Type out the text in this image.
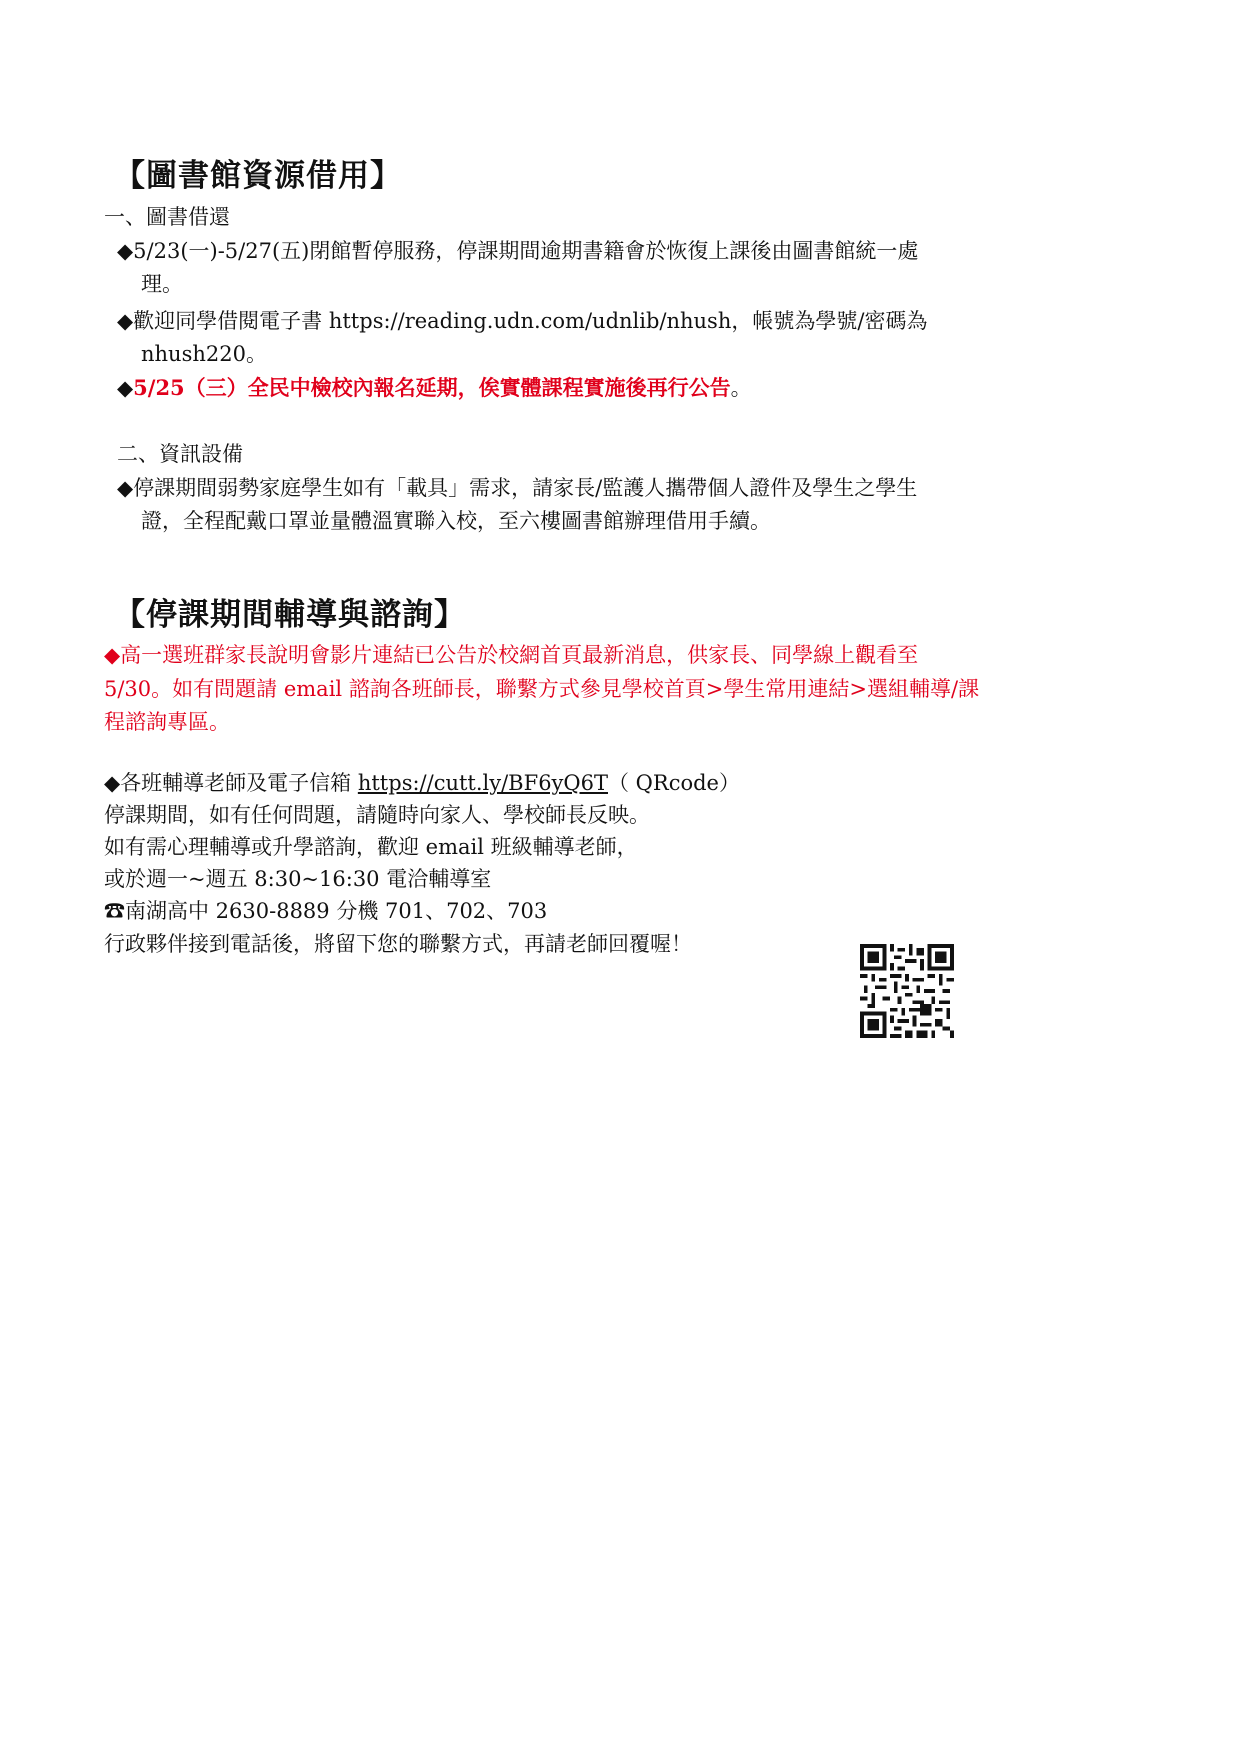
【圖書館資源借用】

一、圖書借還

◆5/23(一)-5/27(五)閉館暫停服務，停課期間逾期書籍會於恢復上課後由圖書館統一處

理。

◆歡迎同學借閱電子書 https://reading.udn.com/udnlib/nhush，帳號為學號/密碼為

nhush220。

◆5/25（三）全民中檢校內報名延期，俟實體課程實施後再行公告。

二、資訊設備

◆停課期間弱勢家庭學生如有「載具」需求，請家長/監護人攜帶個人證件及學生之學生

證，全程配戴口罩並量體溫實聯入校，至六樓圖書館辦理借用手續。

【停課期間輔導與諮詢】

◆高一選班群家長說明會影片連結已公告於校網首頁最新消息，供家長、同學線上觀看至

5/30。如有問題請 email 諮詢各班師長，聯繫方式參見學校首頁>學生常用連結>選組輔導/課

程諮詢專區。

◆各班輔導老師及電子信箱 https://cutt.ly/BF6yQ6T（ QRcode）

停課期間，如有任何問題，請隨時向家人、學校師長反映。

如有需心理輔導或升學諮詢，歡迎 email 班級輔導老師，

或於週一~週五 8:30~16:30 電洽輔導室

☎南湖高中 2630-8889 分機 701、702、703

行政夥伴接到電話後，將留下您的聯繫方式，再請老師回覆喔！
